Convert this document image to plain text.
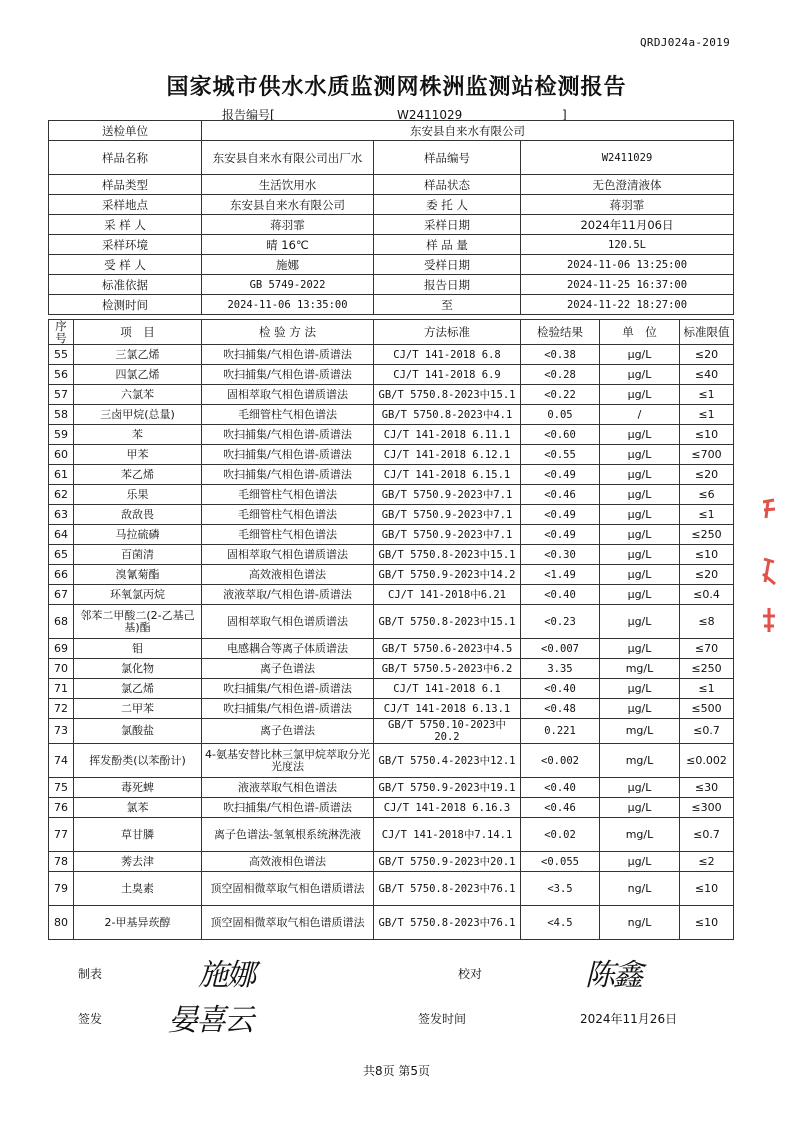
QRDJ024a-2019
国家城市供水水质监测网株洲监测站检测报告
报告编号[	W2411029	]
送检单位	东安县自来水有限公司		
样品名称	东安县自来水有限公司出厂水	样品编号	W2411029
样品类型	生活饮用水	样品状态	无色澄清液体
采样地点	东安县自来水有限公司	委 托 人	蒋羽霏
采 样 人	蒋羽霏	采样日期	2024年11月06日
采样环境	晴 16℃	样 品 量	120.5L
受 样 人	施娜	受样日期	2024-11-06 13:25:00
标准依据	GB 5749-2022	报告日期	2024-11-25 16:37:00
检测时间	2024-11-06 13:35:00	至	2024-11-22 18:27:00
序号	项　目	检 验 方 法	方法标准	检验结果	单　位	标准限值
55	三氯乙烯	吹扫捕集/气相色谱-质谱法	CJ/T 141-2018 6.8	<0.38	μg/L	≤20
56	四氯乙烯	吹扫捕集/气相色谱-质谱法	CJ/T 141-2018 6.9	<0.28	μg/L	≤40
57	六氯苯	固相萃取气相色谱质谱法	GB/T 5750.8-2023中15.1	<0.22	μg/L	≤1
58	三卤甲烷(总量)	毛细管柱气相色谱法	GB/T 5750.8-2023中4.1	0.05	/	≤1
59	苯	吹扫捕集/气相色谱-质谱法	CJ/T 141-2018 6.11.1	<0.60	μg/L	≤10
60	甲苯	吹扫捕集/气相色谱-质谱法	CJ/T 141-2018 6.12.1	<0.55	μg/L	≤700
61	苯乙烯	吹扫捕集/气相色谱-质谱法	CJ/T 141-2018 6.15.1	<0.49	μg/L	≤20
62	乐果	毛细管柱气相色谱法	GB/T 5750.9-2023中7.1	<0.46	μg/L	≤6
63	敌敌畏	毛细管柱气相色谱法	GB/T 5750.9-2023中7.1	<0.49	μg/L	≤1
64	马拉硫磷	毛细管柱气相色谱法	GB/T 5750.9-2023中7.1	<0.49	μg/L	≤250
65	百菌清	固相萃取气相色谱质谱法	GB/T 5750.8-2023中15.1	<0.30	μg/L	≤10
66	溴氰菊酯	高效液相色谱法	GB/T 5750.9-2023中14.2	<1.49	μg/L	≤20
67	环氧氯丙烷	液液萃取/气相色谱-质谱法	CJ/T 141-2018中6.21	<0.40	μg/L	≤0.4
68	邻苯二甲酸二(2-乙基己基)酯	固相萃取气相色谱质谱法	GB/T 5750.8-2023中15.1	<0.23	μg/L	≤8
69	钼	电感耦合等离子体质谱法	GB/T 5750.6-2023中4.5	<0.007	μg/L	≤70
70	氯化物	离子色谱法	GB/T 5750.5-2023中6.2	3.35	mg/L	≤250
71	氯乙烯	吹扫捕集/气相色谱-质谱法	CJ/T 141-2018 6.1	<0.40	μg/L	≤1
72	二甲苯	吹扫捕集/气相色谱-质谱法	CJ/T 141-2018 6.13.1	<0.48	μg/L	≤500
73	氯酸盐	离子色谱法	GB/T 5750.10-2023中20.2	0.221	mg/L	≤0.7
74	挥发酚类(以苯酚计)	4-氨基安替比林三氯甲烷萃取分光光度法	GB/T 5750.4-2023中12.1	<0.002	mg/L	≤0.002
75	毒死蜱	液液萃取气相色谱法	GB/T 5750.9-2023中19.1	<0.40	μg/L	≤30
76	氯苯	吹扫捕集/气相色谱-质谱法	CJ/T 141-2018 6.16.3	<0.46	μg/L	≤300
77	草甘膦	离子色谱法-氢氧根系统淋洗液	CJ/T 141-2018中7.14.1	<0.02	mg/L	≤0.7
78	莠去津	高效液相色谱法	GB/T 5750.9-2023中20.1	<0.055	μg/L	≤2
79	土臭素	顶空固相微萃取气相色谱质谱法	GB/T 5750.8-2023中76.1	<3.5	ng/L	≤10
80	2-甲基异莰醇	顶空固相微萃取气相色谱质谱法	GB/T 5750.8-2023中76.1	<4.5	ng/L	≤10
制表	施娜	校对	陈鑫
签发 晏喜云	签发时间	2024年11月26日
共8页 第5页
